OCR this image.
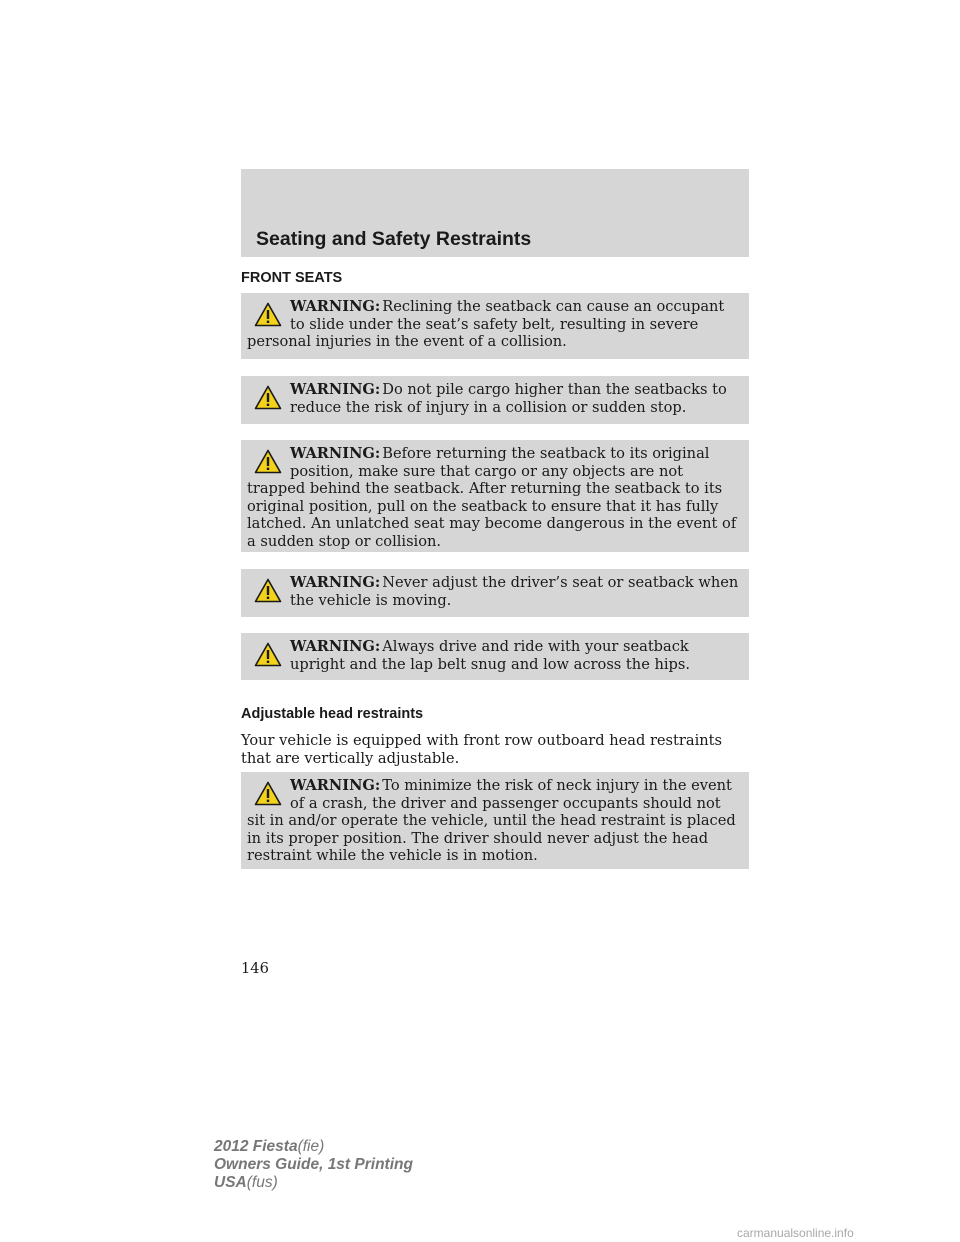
Seating and Safety Restraints
FRONT SEATS

WARNING: Reclining the seatback can cause an occupant to slide under the seat’s safety belt, resulting in severe personal injuries in the event of a collision.

WARNING: Do not pile cargo higher than the seatbacks to reduce the risk of injury in a collision or sudden stop.

WARNING: Before returning the seatback to its original position, make sure that cargo or any objects are not trapped behind the seatback. After returning the seatback to its original position, pull on the seatback to ensure that it has fully latched. An unlatched seat may become dangerous in the event of a sudden stop or collision.

WARNING: Never adjust the driver’s seat or seatback when the vehicle is moving.

WARNING: Always drive and ride with your seatback upright and the lap belt snug and low across the hips.

Adjustable head restraints
Your vehicle is equipped with front row outboard head restraints that are vertically adjustable.

WARNING: To minimize the risk of neck injury in the event of a crash, the driver and passenger occupants should not sit in and/or operate the vehicle, until the head restraint is placed in its proper position. The driver should never adjust the head restraint while the vehicle is in motion.

146
2012 Fiesta(fie)
Owners Guide, 1st Printing
USA(fus)
carmanualsonline.info
